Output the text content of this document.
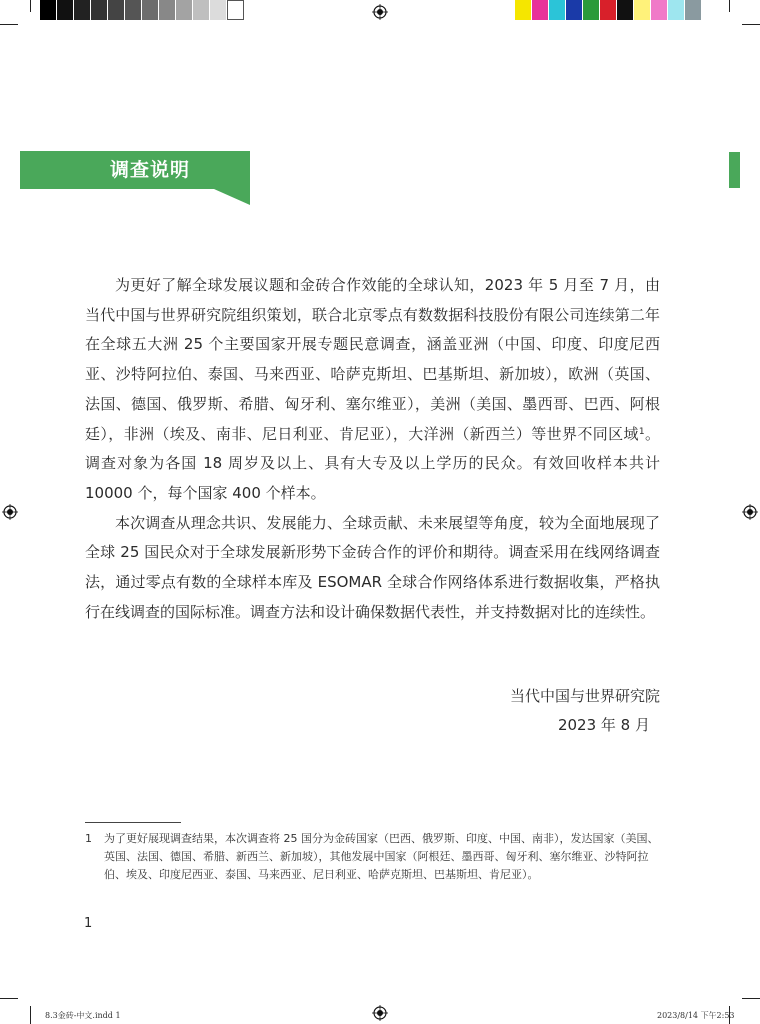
调查说明

为更好了解全球发展议题和金砖合作效能的全球认知，2023 年 5 月至 7 月，由当代中国与世界研究院组织策划，联合北京零点有数数据科技股份有限公司连续第二年在全球五大洲 25 个主要国家开展专题民意调查，涵盖亚洲（中国、印度、印度尼西亚、沙特阿拉伯、泰国、马来西亚、哈萨克斯坦、巴基斯坦、新加坡），欧洲（英国、法国、德国、俄罗斯、希腊、匈牙利、塞尔维亚），美洲（美国、墨西哥、巴西、阿根廷），非洲（埃及、南非、尼日利亚、肯尼亚），大洋洲（新西兰）等世界不同区域$^1$。调查对象为各国 18 周岁及以上、具有大专及以上学历的民众。有效回收样本共计 10000 个，每个国家 400 个样本。

本次调查从理念共识、发展能力、全球贡献、未来展望等角度，较为全面地展现了全球 25 国民众对于全球发展新形势下金砖合作的评价和期待。调查采用在线网络调查法，通过零点有数的全球样本库及 ESOMAR 全球合作网络体系进行数据收集，严格执行在线调查的国际标准。调查方法和设计确保数据代表性，并支持数据对比的连续性。

当代中国与世界研究院
2023 年 8 月
1 为了更好展现调查结果，本次调查将 25 国分为金砖国家（巴西、俄罗斯、印度、中国、南非），发达国家（美国、英国、法国、德国、希腊、新西兰、新加坡），其他发展中国家（阿根廷、墨西哥、匈牙利、塞尔维亚、沙特阿拉伯、埃及、印度尼西亚、泰国、马来西亚、尼日利亚、哈萨克斯坦、巴基斯坦、肯尼亚）。
1
8.3金砖-中文.indd 1	2023/8/14 下午2:53
